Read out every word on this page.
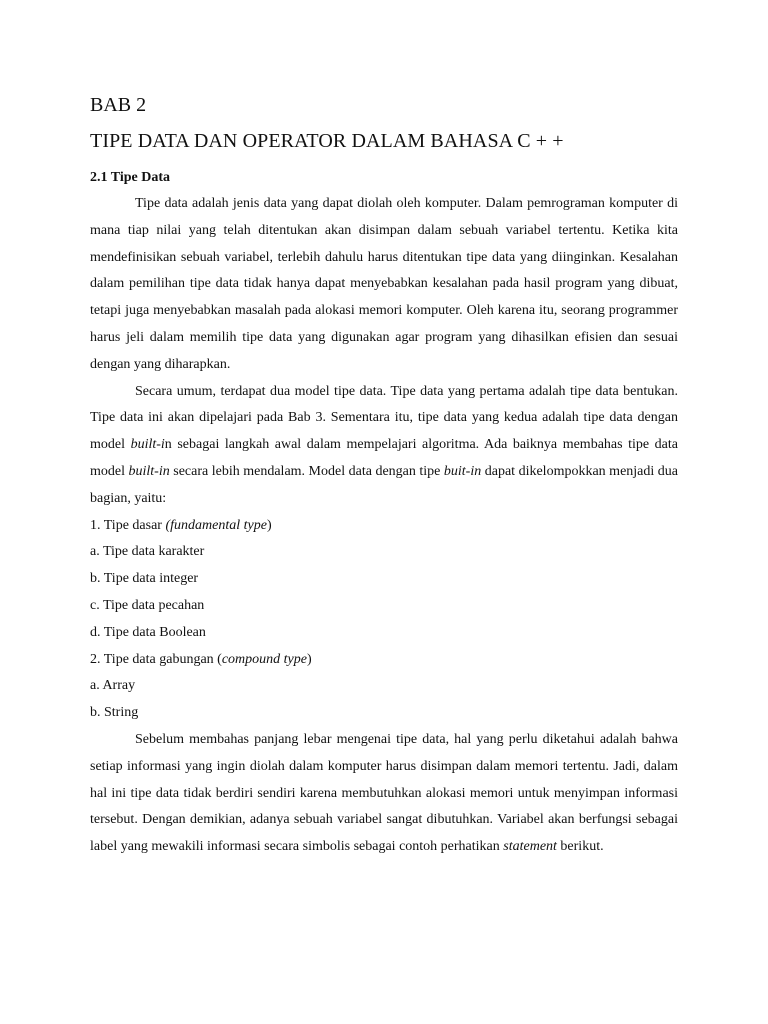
BAB 2
TIPE DATA DAN OPERATOR DALAM BAHASA C + +
2.1 Tipe Data

Tipe data adalah jenis data yang dapat diolah oleh komputer. Dalam pemrograman komputer di mana tiap nilai yang telah ditentukan akan disimpan dalam sebuah variabel tertentu. Ketika kita mendefinisikan sebuah variabel, terlebih dahulu harus ditentukan tipe data yang diinginkan. Kesalahan dalam pemilihan tipe data tidak hanya dapat menyebabkan kesalahan pada hasil program yang dibuat, tetapi juga menyebabkan masalah pada alokasi memori komputer. Oleh karena itu, seorang programmer harus jeli dalam memilih tipe data yang digunakan agar program yang dihasilkan efisien dan sesuai dengan yang diharapkan.

Secara umum, terdapat dua model tipe data. Tipe data yang pertama adalah tipe data bentukan. Tipe data ini akan dipelajari pada Bab 3. Sementara itu, tipe data yang kedua adalah tipe data dengan model built-in sebagai langkah awal dalam mempelajari algoritma. Ada baiknya membahas tipe data model built-in secara lebih mendalam. Model data dengan tipe buit-in dapat dikelompokkan menjadi dua bagian, yaitu:

1. Tipe dasar (fundamental type)
a. Tipe data karakter
b. Tipe data integer
c. Tipe data pecahan
d. Tipe data Boolean
2. Tipe data gabungan (compound type)
a. Array
b. String

Sebelum membahas panjang lebar mengenai tipe data, hal yang perlu diketahui adalah bahwa setiap informasi yang ingin diolah dalam komputer harus disimpan dalam memori tertentu. Jadi, dalam hal ini tipe data tidak berdiri sendiri karena membutuhkan alokasi memori untuk menyimpan informasi tersebut. Dengan demikian, adanya sebuah variabel sangat dibutuhkan. Variabel akan berfungsi sebagai label yang mewakili informasi secara simbolis sebagai contoh perhatikan statement berikut.
